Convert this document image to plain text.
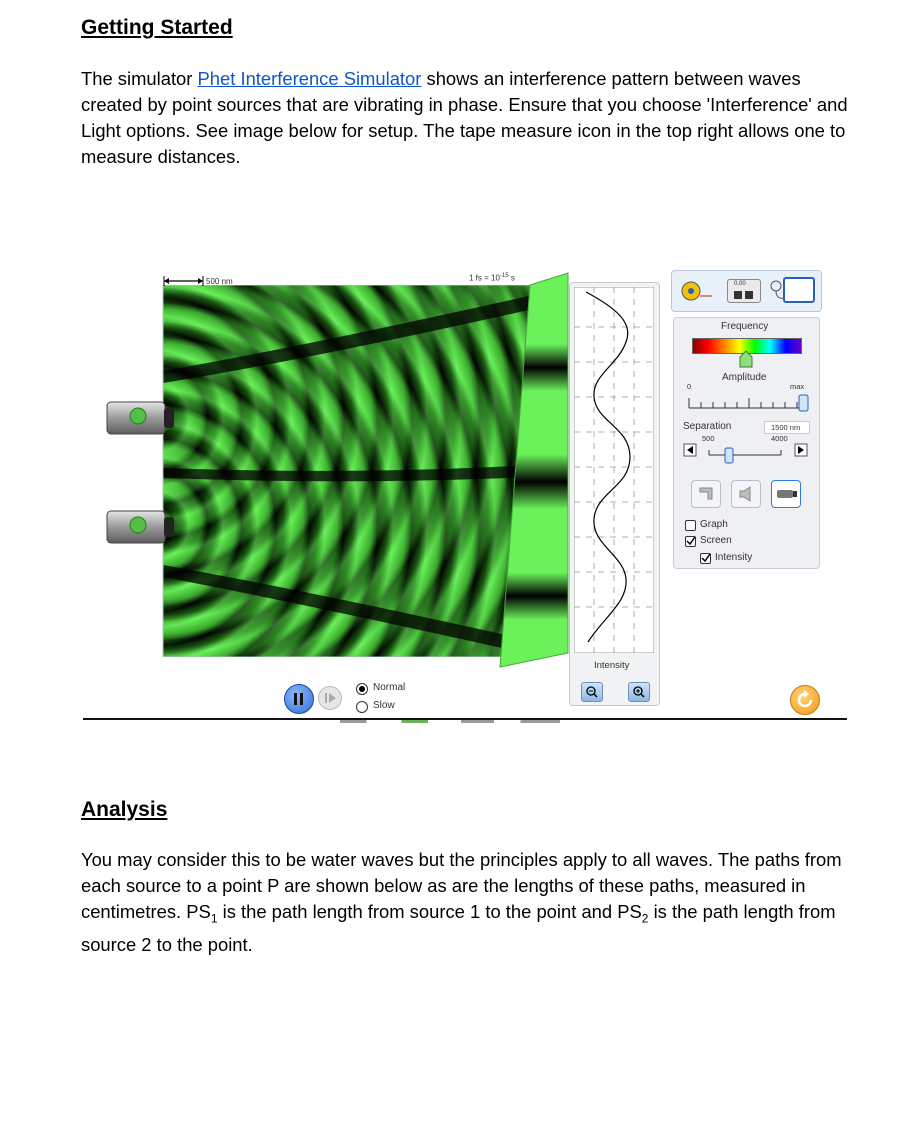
Getting Started

The simulator Phet Interference Simulator shows an interference pattern between waves created by point sources that are vibrating in phase. Ensure that you choose 'Interference' and Light options. See image below for setup. The tape measure icon in the top right allows one to measure distances.

500 nm	1 fs = $10^{-15}$ s
Intensity
0.00
Frequency
Amplitude
0	max
Separation	1500 nm
500	4000
Graph
Screen
Intensity
Normal
Slow
Analysis

You may consider this to be water waves but the principles apply to all waves. The paths from each source to a point P are shown below as are the lengths of these paths, measured in centimetres. $PS_1$ is the path length from source 1 to the point and $PS_2$ is the path length from source 2 to the point.
